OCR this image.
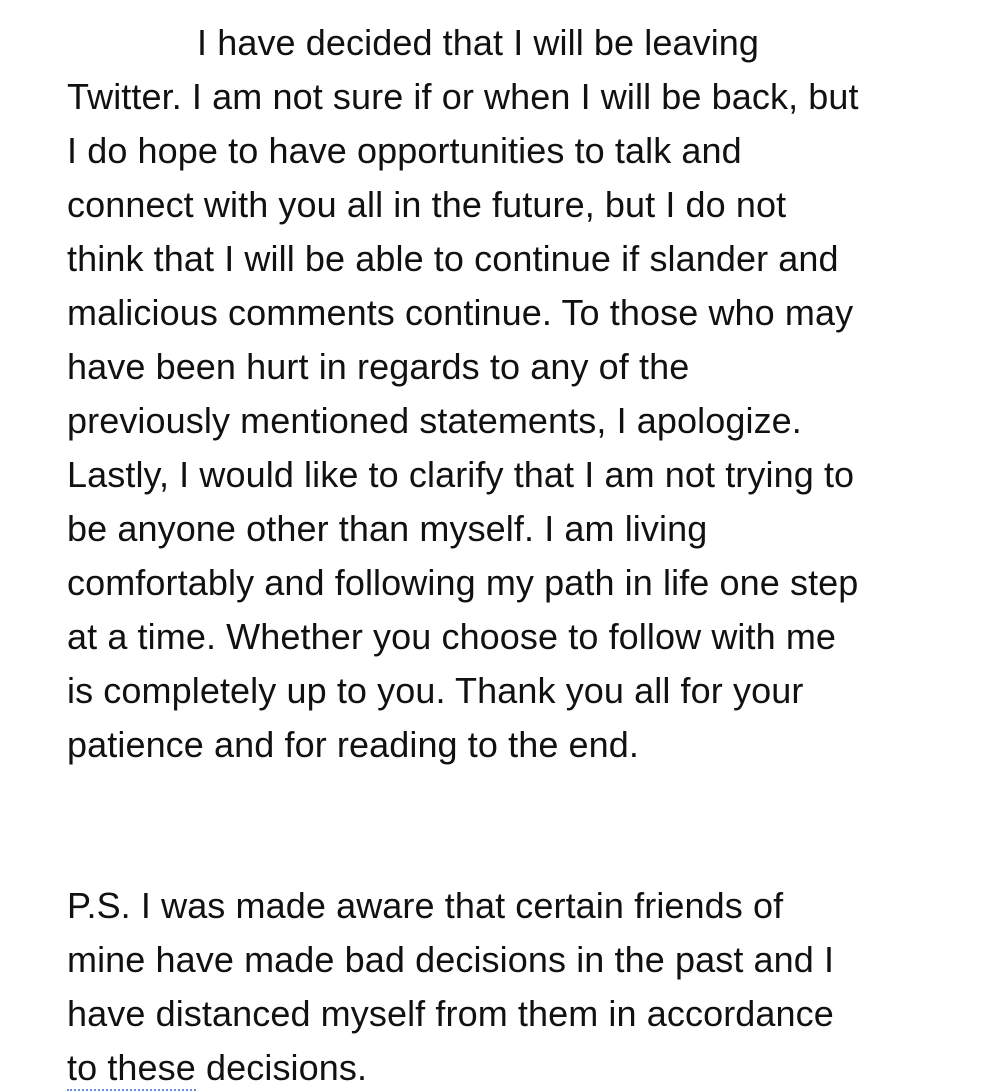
I have decided that I will be leaving
Twitter. I am not sure if or when I will be back, but
I do hope to have opportunities to talk and
connect with you all in the future, but I do not
think that I will be able to continue if slander and
malicious comments continue. To those who may
have been hurt in regards to any of the
previously mentioned statements, I apologize.
Lastly, I would like to clarify that I am not trying to
be anyone other than myself. I am living
comfortably and following my path in life one step
at a time. Whether you choose to follow with me
is completely up to you. Thank you all for your
patience and for reading to the end.
P.S. I was made aware that certain friends of
mine have made bad decisions in the past and I
have distanced myself from them in accordance
to these decisions.
